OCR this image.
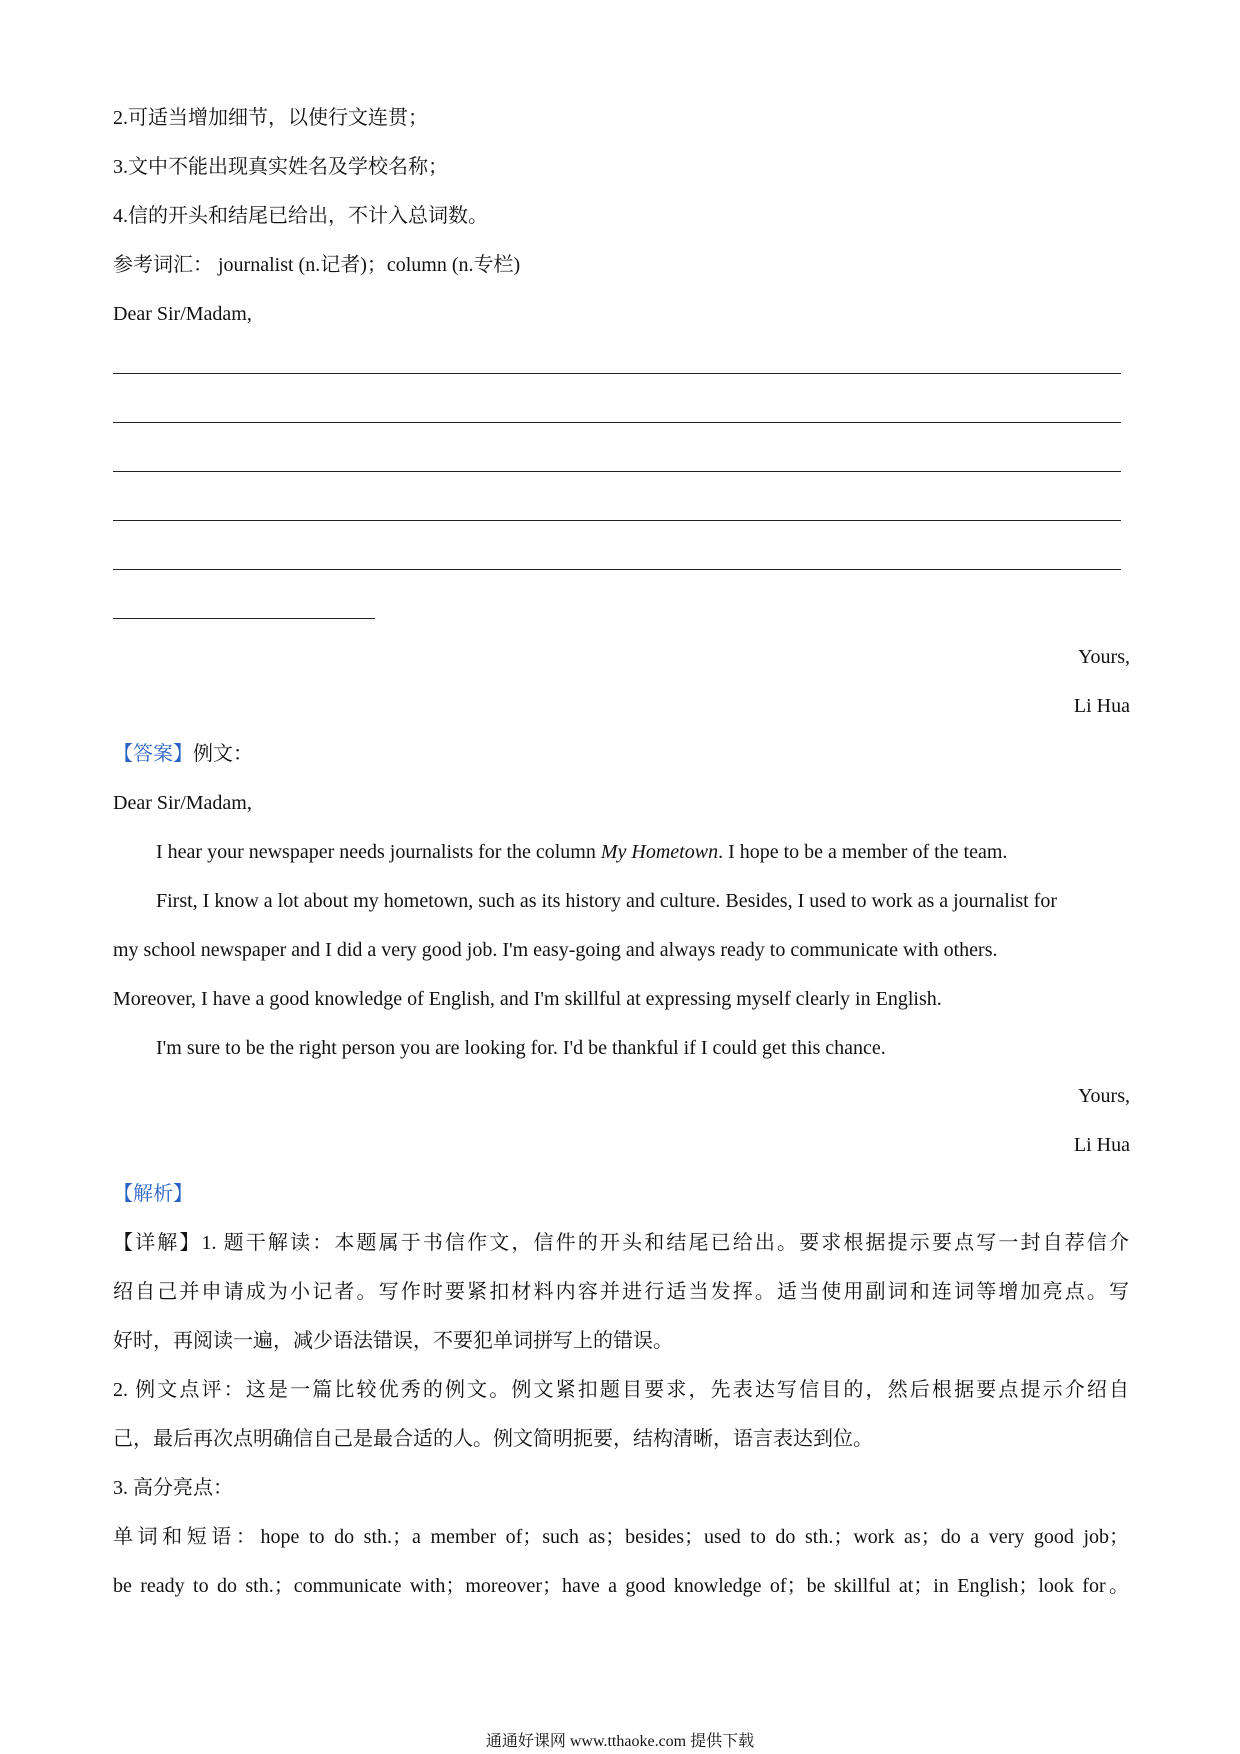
2.可适当增加细节，以使行文连贯；
3.文中不能出现真实姓名及学校名称；
4.信的开头和结尾已给出，不计入总词数。
参考词汇： journalist (n.记者)；column (n.专栏)
Dear Sir/Madam,
Yours,
Li Hua
【答案】例文：
Dear Sir/Madam,
I hear your newspaper needs journalists for the column My Hometown. I hope to be a member of the team.
First, I know a lot about my hometown, such as its history and culture. Besides, I used to work as a journalist for
my school newspaper and I did a very good job. I'm easy-going and always ready to communicate with others.
Moreover, I have a good knowledge of English, and I'm skillful at expressing myself clearly in English.
I'm sure to be the right person you are looking for. I'd be thankful if I could get this chance.
Yours,
Li Hua
【解析】
【详解】1. 题干解读：本题属于书信作文，信件的开头和结尾已给出。要求根据提示要点写一封自荐信介
绍自己并申请成为小记者。写作时要紧扣材料内容并进行适当发挥。适当使用副词和连词等增加亮点。写
好时，再阅读一遍，减少语法错误，不要犯单词拼写上的错误。
2. 例文点评：这是一篇比较优秀的例文。例文紧扣题目要求，先表达写信目的，然后根据要点提示介绍自
己，最后再次点明确信自己是最合适的人。例文简明扼要，结构清晰，语言表达到位。
3. 高分亮点：
单词和短语：hope to do sth.；a member of；such as；besides；used to do sth.；work as；do a very good job；
be ready to do sth.；communicate with；moreover；have a good knowledge of；be skillful at；in English；look for。
通通好课网 www.tthaoke.com 提供下载
